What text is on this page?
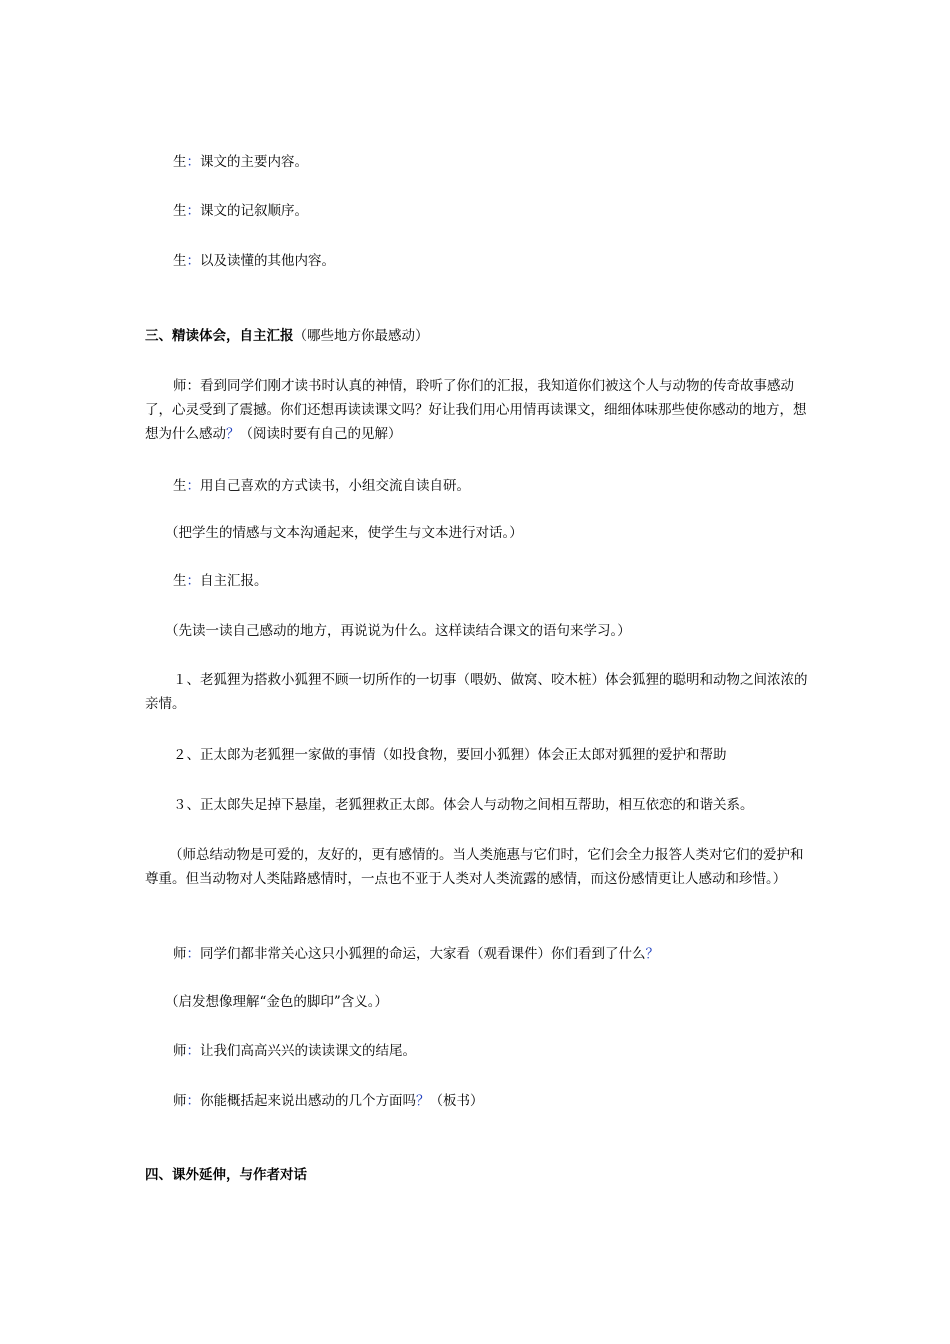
生：课文的主要内容。
生：课文的记叙顺序。
生：以及读懂的其他内容。
三、精读体会，自主汇报（哪些地方你最感动）
师：看到同学们刚才读书时认真的神情，聆听了你们的汇报，我知道你们被这个人与动物的传奇故事感动了，心灵受到了震撼。你们还想再读读课文吗？好让我们用心用情再读课文，细细体味那些使你感动的地方，想想为什么感动？（阅读时要有自己的见解）
生：用自己喜欢的方式读书，小组交流自读自研。
（把学生的情感与文本沟通起来，使学生与文本进行对话。）
生：自主汇报。
（先读一读自己感动的地方，再说说为什么。这样读结合课文的语句来学习。）
１、老狐狸为搭救小狐狸不顾一切所作的一切事（喂奶、做窝、咬木桩）体会狐狸的聪明和动物之间浓浓的亲情。
２、正太郎为老狐狸一家做的事情（如投食物，要回小狐狸）体会正太郎对狐狸的爱护和帮助
３、正太郎失足掉下悬崖，老狐狸救正太郎。体会人与动物之间相互帮助，相互依恋的和谐关系。
（师总结动物是可爱的，友好的，更有感情的。当人类施惠与它们时，它们会全力报答人类对它们的爱护和尊重。但当动物对人类陆路感情时，一点也不亚于人类对人类流露的感情，而这份感情更让人感动和珍惜。）
师：同学们都非常关心这只小狐狸的命运，大家看（观看课件）你们看到了什么？
（启发想像理解“金色的脚印”含义。）
师：让我们高高兴兴的读读课文的结尾。
师：你能概括起来说出感动的几个方面吗？（板书）
四、课外延伸，与作者对话
